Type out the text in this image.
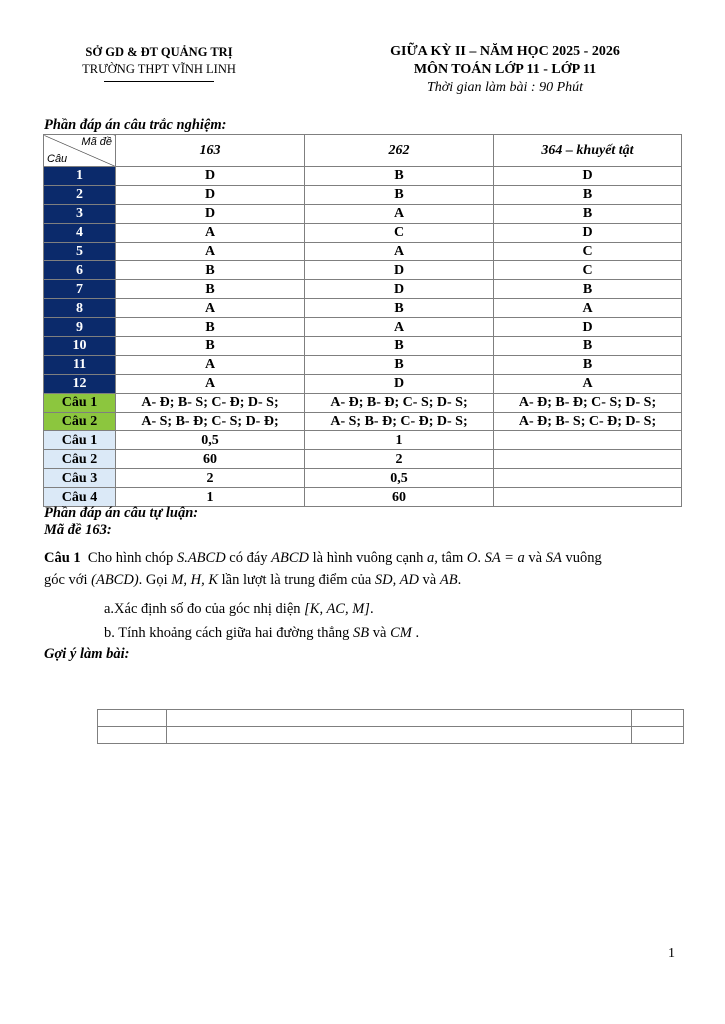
SỞ GD & ĐT QUẢNG TRỊ
TRƯỜNG THPT VĨNH LINH
GIỮA KỲ II – NĂM HỌC 2025 - 2026
MÔN TOÁN LỚP 11 - LỚP 11
Thời gian làm bài : 90 Phút
Phần đáp án câu trắc nghiệm:
Mã đề
Câu	163	262	364 – khuyết tật
1	D	B	D
2	D	B	B
3	D	A	B
4	A	C	D
5	A	A	C
6	B	D	C
7	B	D	B
8	A	B	A
9	B	A	D
10	B	B	B
11	A	B	B
12	A	D	A
Câu 1	A- Đ; B- S; C- Đ; D- S;	A- Đ; B- Đ; C- S; D- S;	A- Đ; B- Đ; C- S; D- S;
Câu 2	A- S; B- Đ; C- S; D- Đ;	A- S; B- Đ; C- Đ; D- S;	A- Đ; B- S; C- Đ; D- S;
Câu 1	0,5	1	
Câu 2	60	2	
Câu 3	2	0,5	
Câu 4	1	60	
Phần đáp án câu tự luận:
Mã đề 163:
Câu 1 Cho hình chóp S.ABCD có đáy ABCD là hình vuông cạnh a, tâm O. SA = a và SA vuông
góc với (ABCD). Gọi M, H, K lần lượt là trung điểm của SD, AD và AB.
a.Xác định số đo của góc nhị diện [K, AC, M].
b. Tính khoảng cách giữa hai đường thẳng SB và CM .
Gợi ý làm bài:

1
